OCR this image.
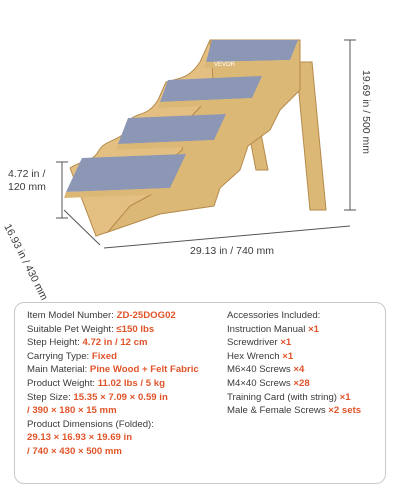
VEVOR
4.72 in /
120 mm
16.93 in / 430 mm	29.13 in / 740 mm
19.69 in / 500 mm
Item Model Number: ZD-25DOG02
Suitable Pet Weight: ≤150 lbs
Step Height: 4.72 in / 12 cm
Carrying Type: Fixed
Main Material: Pine Wood + Felt Fabric
Product Weight: 11.02 lbs / 5 kg
Step Size: 15.35 × 7.09 × 0.59 in
/ 390 × 180 × 15 mm
Product Dimensions (Folded):
29.13 × 16.93 × 19.69 in
/ 740 × 430 × 500 mm
Accessories Included:
Instruction Manual ×1
Screwdriver ×1
Hex Wrench ×1
M6×40 Screws ×4
M4×40 Screws ×28
Training Card (with string) ×1
Male & Female Screws ×2 sets
